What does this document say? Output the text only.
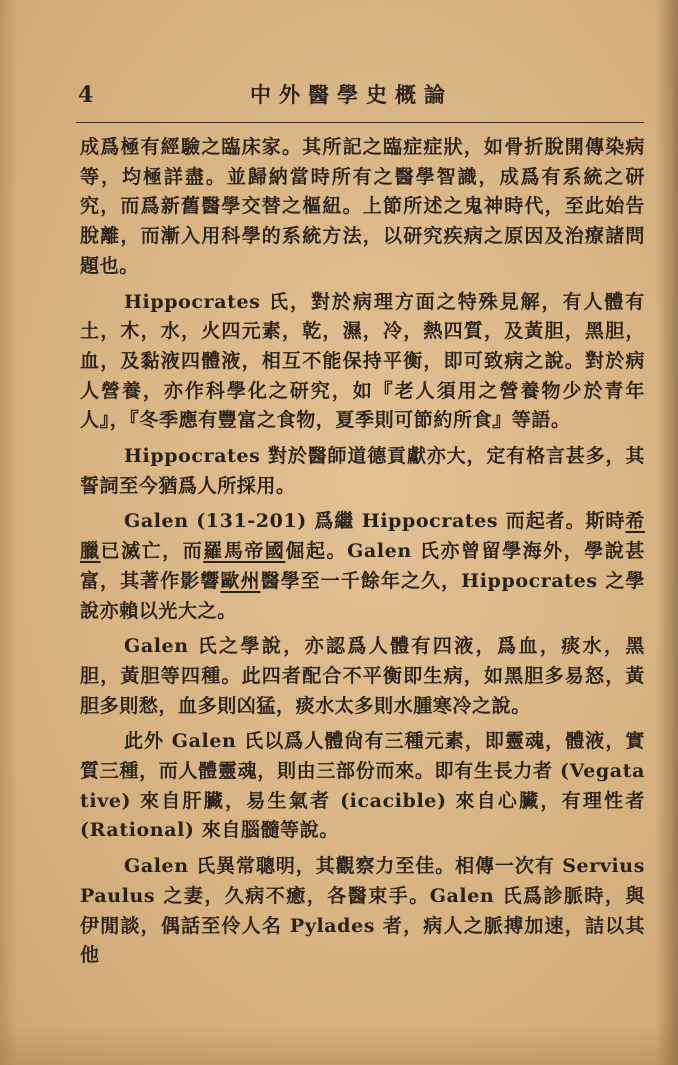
4	中外醫學史概論

成爲極有經驗之臨床家。其所記之臨症症狀，如骨折脫開傳染病等，均極詳盡。並歸納當時所有之醫學智識，成爲有系統之研究，而爲新舊醫學交替之樞紐。上節所述之鬼神時代，至此始告脫離，而漸入用科學的系統方法，以研究疾病之原因及治療諸問題也。

Hippocrates 氏，對於病理方面之特殊見解，有人體有土，木，水，火四元素，乾，濕，冷，熱四質，及黃胆，黑胆，血，及黏液四體液，相互不能保持平衡，即可致病之說。對於病人營養，亦作科學化之研究，如『老人須用之營養物少於青年人』，『冬季應有豐富之食物，夏季則可節約所食』等語。

Hippocrates 對於醫師道德貢獻亦大，定有格言甚多，其誓詞至今猶爲人所採用。

Galen (131-201) 爲繼 Hippocrates 而起者。斯時希臘已滅亡，而羅馬帝國倔起。Galen 氏亦曾留學海外，學說甚富，其著作影響歐州醫學至一千餘年之久，Hippocrates 之學說亦賴以光大之。

Galen 氏之學說，亦認爲人體有四液，爲血，痰水，黑胆，黃胆等四種。此四者配合不平衡即生病，如黑胆多易怒，黃胆多則愁，血多則凶猛，痰水太多則水腫寒冷之說。

此外 Galen 氏以爲人體尙有三種元素，即靈魂，體液，實質三種，而人體靈魂，則由三部份而來。即有生長力者 (Vegatative) 來自肝臟，易生氣者 (icacible) 來自心臟，有理性者 (Rational) 來自腦髓等說。

Galen 氏異常聰明，其觀察力至佳。相傳一次有 Servius Paulus 之妻，久病不癒，各醫束手。Galen 氏爲診脈時，與伊閒談，偶話至伶人名 Pylades 者，病人之脈搏加速，詰以其他
